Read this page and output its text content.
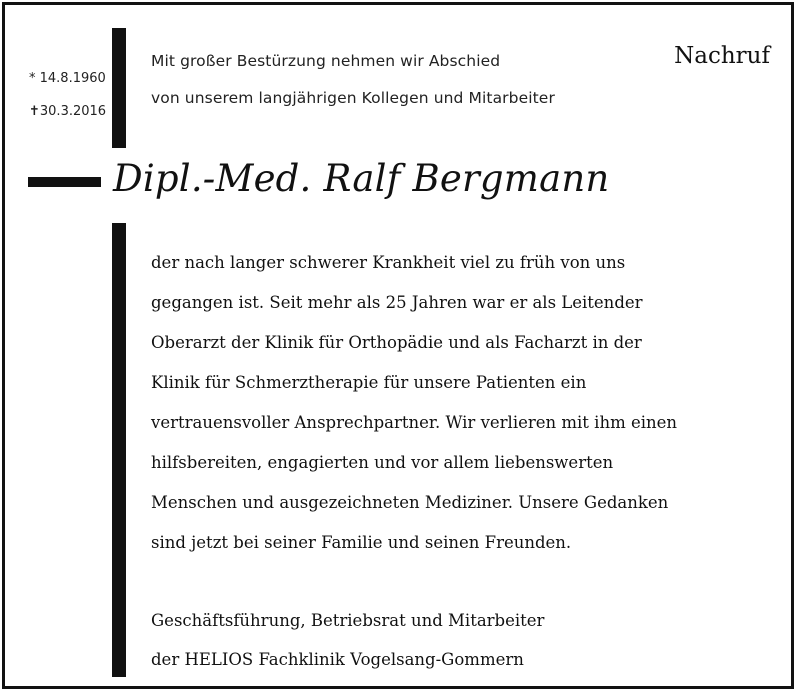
* 14.8.1960
✝30.3.2016
Mit großer Bestürzung nehmen wir Abschied
von unserem langjährigen Kollegen und Mitarbeiter
Nachruf
Dipl.-Med. Ralf Bergmann
der nach langer schwerer Krankheit viel zu früh von uns
gegangen ist. Seit mehr als 25 Jahren war er als Leitender
Oberarzt der Klinik für Orthopädie und als Facharzt in der
Klinik für Schmerztherapie für unsere Patienten ein
vertrauensvoller Ansprechpartner. Wir verlieren mit ihm einen
hilfsbereiten, engagierten und vor allem liebenswerten
Menschen und ausgezeichneten Mediziner. Unsere Gedanken
sind jetzt bei seiner Familie und seinen Freunden.
Geschäftsführung, Betriebsrat und Mitarbeiter
der HELIOS Fachklinik Vogelsang-Gommern
